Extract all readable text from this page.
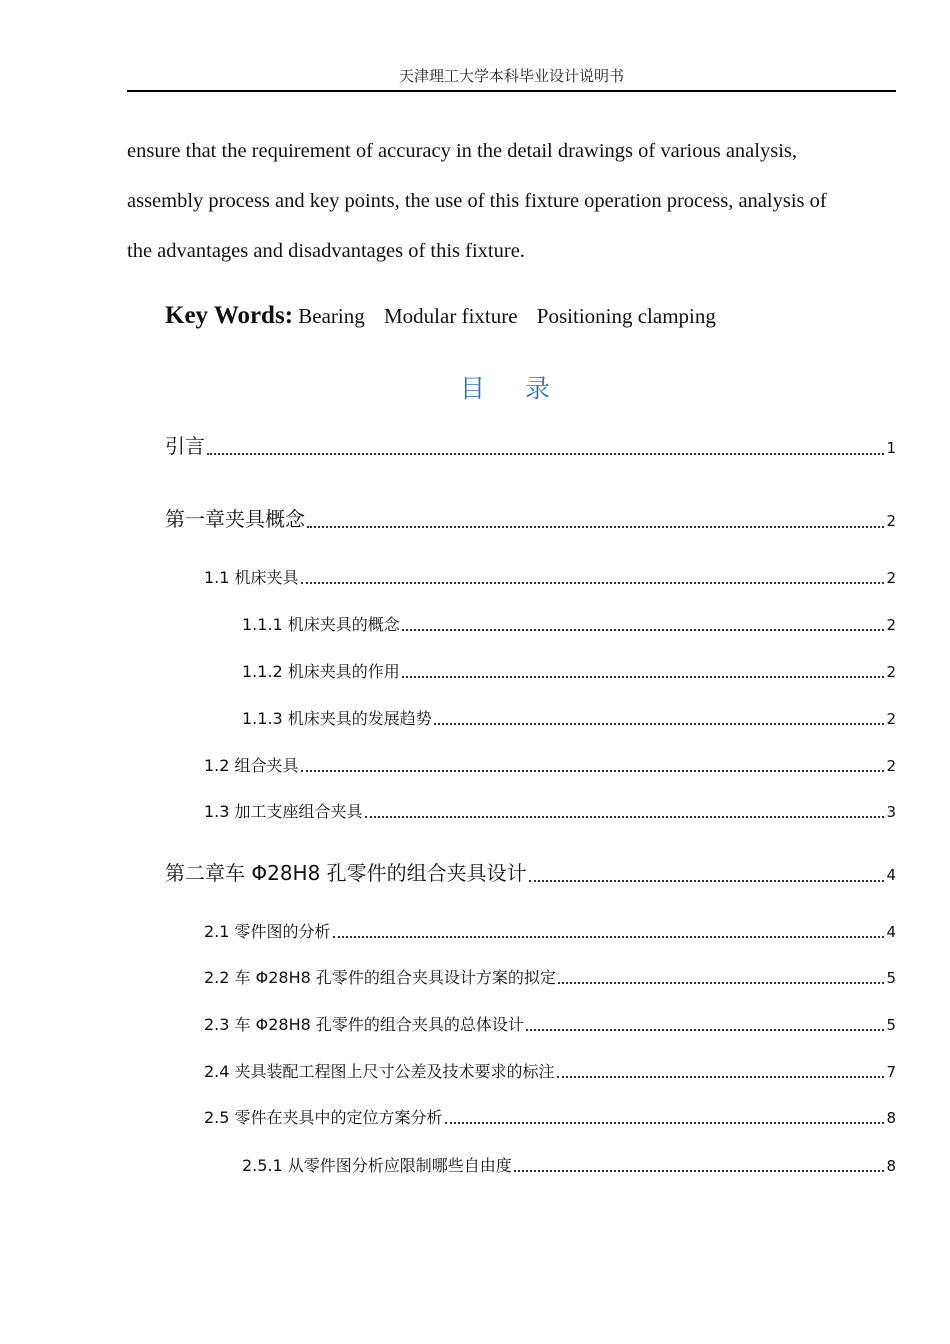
天津理工大学本科毕业设计说明书

ensure that the requirement of accuracy in the detail drawings of various analysis,

assembly process and key points, the use of this fixture operation process, analysis of

the advantages and disadvantages of this fixture.

Key Words: Bearing Modular fixture Positioning clamping
目录
引言	1
第一章夹具概念	2
1.1 机床夹具	2
1.1.1 机床夹具的概念	2
1.1.2 机床夹具的作用	2
1.1.3 机床夹具的发展趋势	2
1.2 组合夹具	2
1.3 加工支座组合夹具	3
第二章车 Φ28H8 孔零件的组合夹具设计	4
2.1 零件图的分析	4
2.2 车 Φ28H8 孔零件的组合夹具设计方案的拟定	5
2.3 车 Φ28H8 孔零件的组合夹具的总体设计	5
2.4 夹具装配工程图上尺寸公差及技术要求的标注	7
2.5 零件在夹具中的定位方案分析	8
2.5.1 从零件图分析应限制哪些自由度	8
